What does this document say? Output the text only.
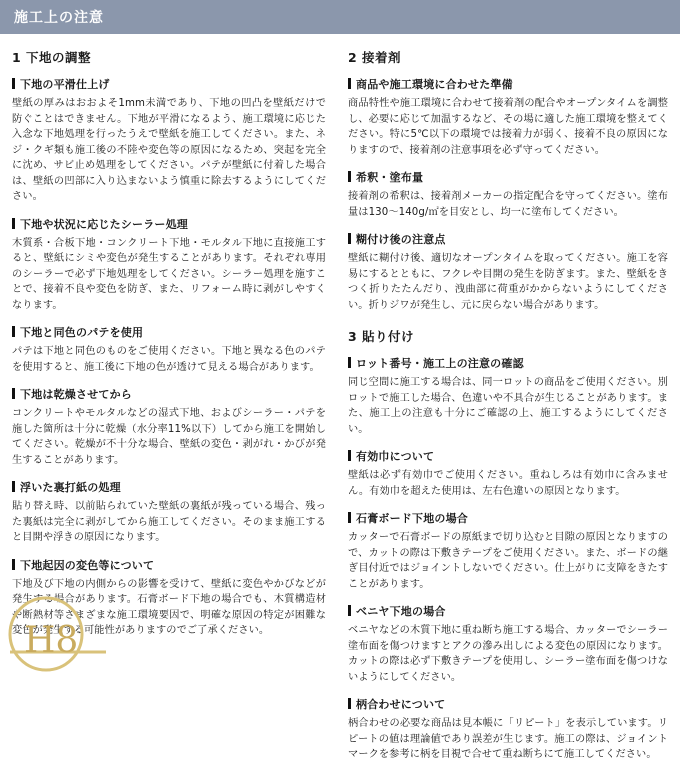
施工上の注意
1 下地の調整

下地の平滑仕上げ

壁紙の厚みはおおよそ1mm未満であり、下地の凹凸を壁紙だけで防ぐことはできません。下地が平滑になるよう、施工環境に応じた入念な下地処理を行ったうえで壁紙を施工してください。また、ネジ・クギ類も施工後の不陸や変色等の原因になるため、突起を完全に沈め、サビ止め処理をしてください。パテが壁紙に付着した場合は、壁紙の凹部に入り込まないよう慎重に除去するようにしてください。

下地や状況に応じたシーラー処理

木質系・合板下地・コンクリート下地・モルタル下地に直接施工すると、壁紙にシミや変色が発生することがあります。それぞれ専用のシーラーで必ず下地処理をしてください。シーラー処理を施すことで、接着不良や変色を防ぎ、また、リフォーム時に剥がしやすくなります。

下地と同色のパテを使用

パテは下地と同色のものをご使用ください。下地と異なる色のパテを使用すると、施工後に下地の色が透けて見える場合があります。

下地は乾燥させてから

コンクリートやモルタルなどの湿式下地、およびシーラー・パテを施した箇所は十分に乾燥（水分率11%以下）してから施工を開始してください。乾燥が不十分な場合、壁紙の変色・剥がれ・かびが発生することがあります。

浮いた裏打紙の処理

貼り替え時、以前貼られていた壁紙の裏紙が残っている場合、残った裏紙は完全に剥がしてから施工してください。そのまま施工すると目開や浮きの原因になります。

下地起因の変色等について

下地及び下地の内側からの影響を受けて、壁紙に変色やかびなどが発生する場合があります。石膏ボード下地の場合でも、木質構造材や断熱材等さまざまな施工環境要因で、明確な原因の特定が困難な変色が発生する可能性がありますのでご了承ください。

2 接着剤

商品や施工環境に合わせた準備

商品特性や施工環境に合わせて接着剤の配合やオープンタイムを調整し、必要に応じて加温するなど、その場に適した施工環境を整えてください。特に5℃以下の環境では接着力が弱く、接着不良の原因になりますので、接着剤の注意事項を必ず守ってください。

希釈・塗布量

接着剤の希釈は、接着剤メーカーの指定配合を守ってください。塗布量は130〜140g/㎡を目安とし、均一に塗布してください。

糊付け後の注意点

壁紙に糊付け後、適切なオープンタイムを取ってください。施工を容易にするとともに、フクレや目開の発生を防ぎます。また、壁紙をきつく折りたたんだり、洩曲部に荷重がかからないようにしてください。折りジワが発生し、元に戻らない場合があります。

3 貼り付け

ロット番号・施工上の注意の確認

同じ空間に施工する場合は、同一ロットの商品をご使用ください。別ロットで施工した場合、色違いや不具合が生じることがあります。また、施工上の注意も十分にご確認の上、施工するようにしてください。

有効巾について

壁紙は必ず有効巾でご使用ください。重ねしろは有効巾に含みません。有効巾を超えた使用は、左右色違いの原因となります。

石膏ボード下地の場合

カッターで石膏ボードの原紙まで切り込むと目隙の原因となりますので、カットの際は下敷きテープをご使用ください。また、ボードの継ぎ目付近ではジョイントしないでください。仕上がりに支障をきたすことがあります。

ベニヤ下地の場合

ベニヤなどの木質下地に重ね断ち施工する場合、カッターでシーラー塗布面を傷つけますとアクの滲み出しによる変色の原因になります。カットの際は必ず下敷きテープを使用し、シーラー塗布面を傷つけないようにしてください。

柄合わせについて

柄合わせの必要な商品は見本帳に「リピート」を表示しています。リピートの値は理論値であり誤差が生じます。施工の際は、ジョイントマークを参考に柄を目視で合せて重ね断ちにて施工してください。

H8
